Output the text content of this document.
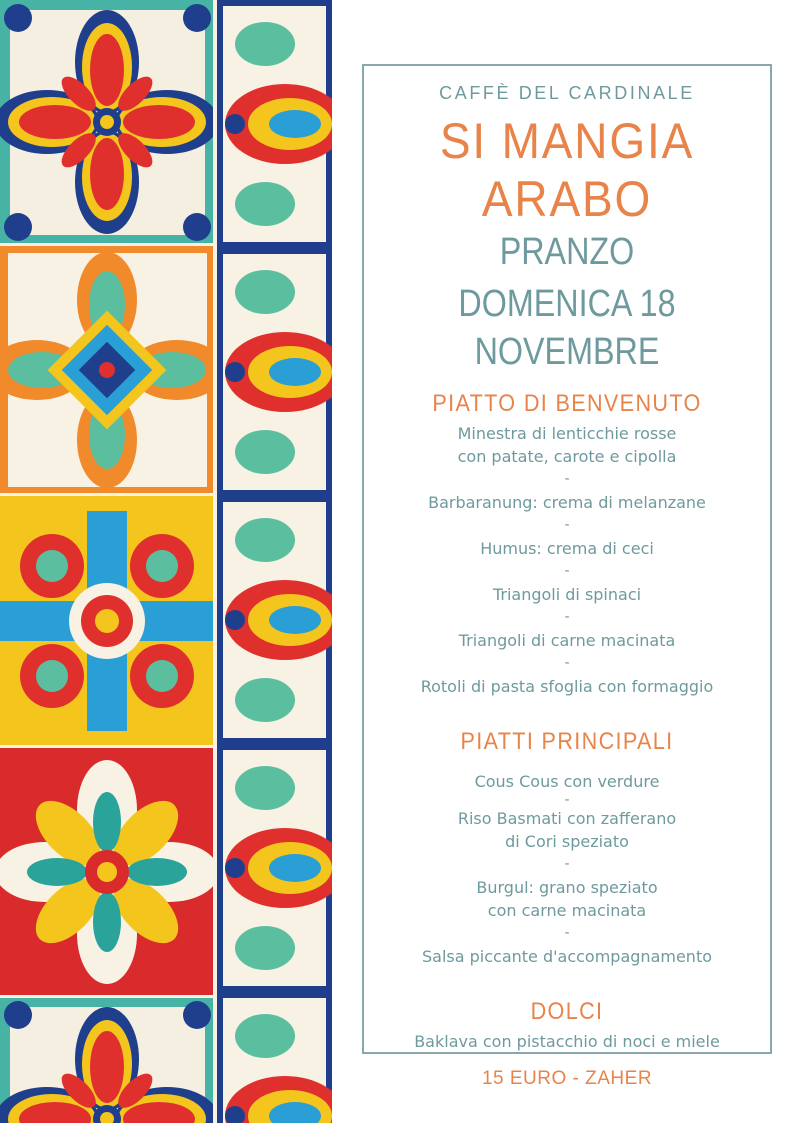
CAFFÈ DEL CARDINALE
SI MANGIA
ARABO
PRANZO
DOMENICA 18 NOVEMBRE
PIATTO DI BENVENUTO
Minestra di lenticchie rosse
con patate, carote e cipolla
-
Barbaranung: crema di melanzane
-
Humus: crema di ceci
-
Triangoli di spinaci
-
Triangoli di carne macinata
-
Rotoli di pasta sfoglia con formaggio
PIATTI PRINCIPALI
Cous Cous con verdure
-
Riso Basmati con zafferano
di Cori speziato
-
Burgul: grano speziato
con carne macinata
-
Salsa piccante d'accompagnamento
DOLCI
Baklava con pistacchio di noci e miele
15 EURO - ZAHER
